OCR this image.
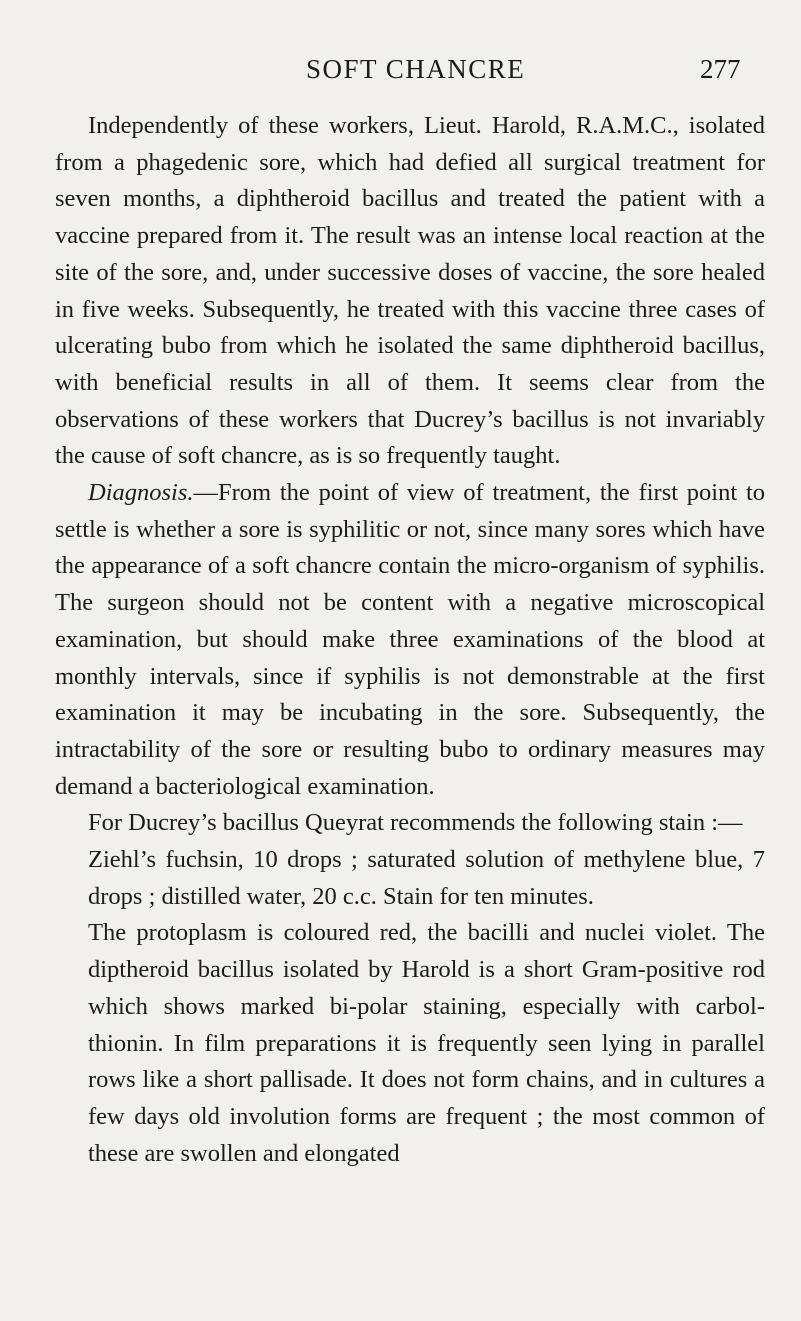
SOFT CHANCRE	277

Independently of these workers, Lieut. Harold, R.A.M.C., isolated from a phagedenic sore, which had defied all surgical treatment for seven months, a diphtheroid bacillus and treated the patient with a vaccine prepared from it. The result was an intense local reaction at the site of the sore, and, under successive doses of vaccine, the sore healed in five weeks. Subsequently, he treated with this vaccine three cases of ulcerating bubo from which he isolated the same diphtheroid bacillus, with beneficial results in all of them. It seems clear from the observations of these workers that Ducrey’s bacillus is not invariably the cause of soft chancre, as is so frequently taught.

Diagnosis.—From the point of view of treatment, the first point to settle is whether a sore is syphilitic or not, since many sores which have the appearance of a soft chancre contain the micro-organism of syphilis. The surgeon should not be content with a negative microscopical examination, but should make three examinations of the blood at monthly intervals, since if syphilis is not demonstrable at the first examination it may be incubating in the sore. Subsequently, the intractability of the sore or resulting bubo to ordinary measures may demand a bacteriological examination.

For Ducrey’s bacillus Queyrat recommends the following stain :—

Ziehl’s fuchsin, 10 drops ; saturated solution of methylene blue, 7 drops ; distilled water, 20 c.c. Stain for ten minutes.

The protoplasm is coloured red, the bacilli and nuclei violet. The diptheroid bacillus isolated by Harold is a short Gram-positive rod which shows marked bi-polar staining, especially with carbol-thionin. In film preparations it is frequently seen lying in parallel rows like a short pallisade. It does not form chains, and in cultures a few days old involution forms are frequent ; the most common of these are swollen and elongated
